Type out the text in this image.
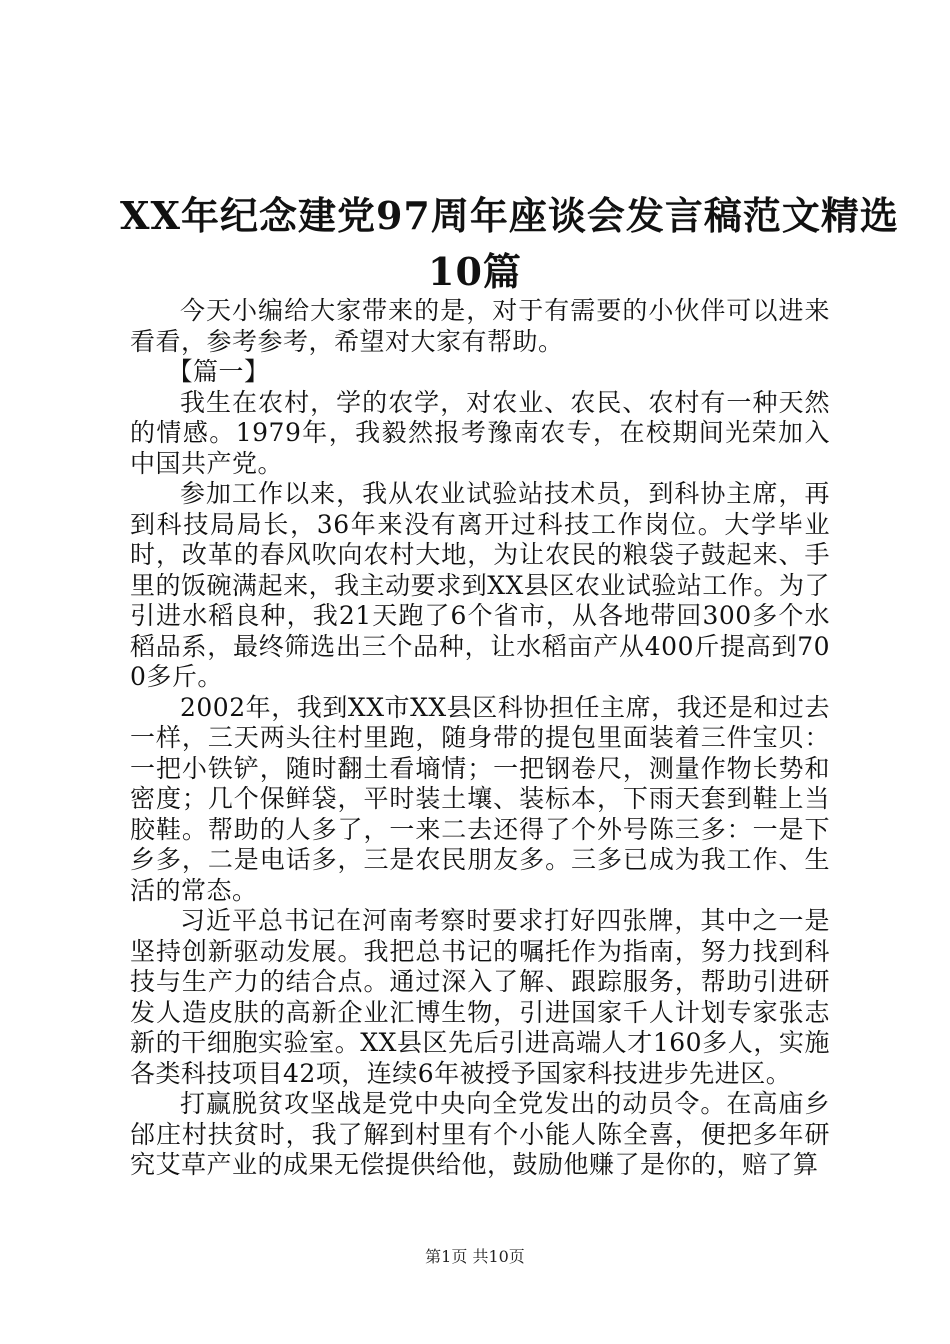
XX年纪念建党97周年座谈会发言稿范文精选
10篇

今天小编给大家带来的是，对于有需要的小伙伴可以进来看看，参考参考，希望对大家有帮助。

【篇一】

我生在农村，学的农学，对农业、农民、农村有一种天然的情感。1979年，我毅然报考豫南农专，在校期间光荣加入中国共产党。

参加工作以来，我从农业试验站技术员，到科协主席，再到科技局局长，36年来没有离开过科技工作岗位。大学毕业时，改革的春风吹向农村大地，为让农民的粮袋子鼓起来、手里的饭碗满起来，我主动要求到XX县区农业试验站工作。为了引进水稻良种，我21天跑了6个省市，从各地带回300多个水稻品系，最终筛选出三个品种，让水稻亩产从400斤提高到700多斤。

2002年，我到XX市XX县区科协担任主席，我还是和过去一样，三天两头往村里跑，随身带的提包里面装着三件宝贝：一把小铁铲，随时翻土看墒情；一把钢卷尺，测量作物长势和密度；几个保鲜袋，平时装土壤、装标本，下雨天套到鞋上当胶鞋。帮助的人多了，一来二去还得了个外号陈三多：一是下乡多，二是电话多，三是农民朋友多。三多已成为我工作、生活的常态。

习近平总书记在河南考察时要求打好四张牌，其中之一是坚持创新驱动发展。我把总书记的嘱托作为指南，努力找到科技与生产力的结合点。通过深入了解、跟踪服务，帮助引进研发人造皮肤的高新企业汇博生物，引进国家千人计划专家张志新的干细胞实验室。XX县区先后引进高端人才160多人，实施各类科技项目42项，连续6年被授予国家科技进步先进区。

打赢脱贫攻坚战是党中央向全党发出的动员令。在高庙乡邰庄村扶贫时，我了解到村里有个小能人陈全喜，便把多年研究艾草产业的成果无偿提供给他，鼓励他赚了是你的，赔了算

第1页 共10页
